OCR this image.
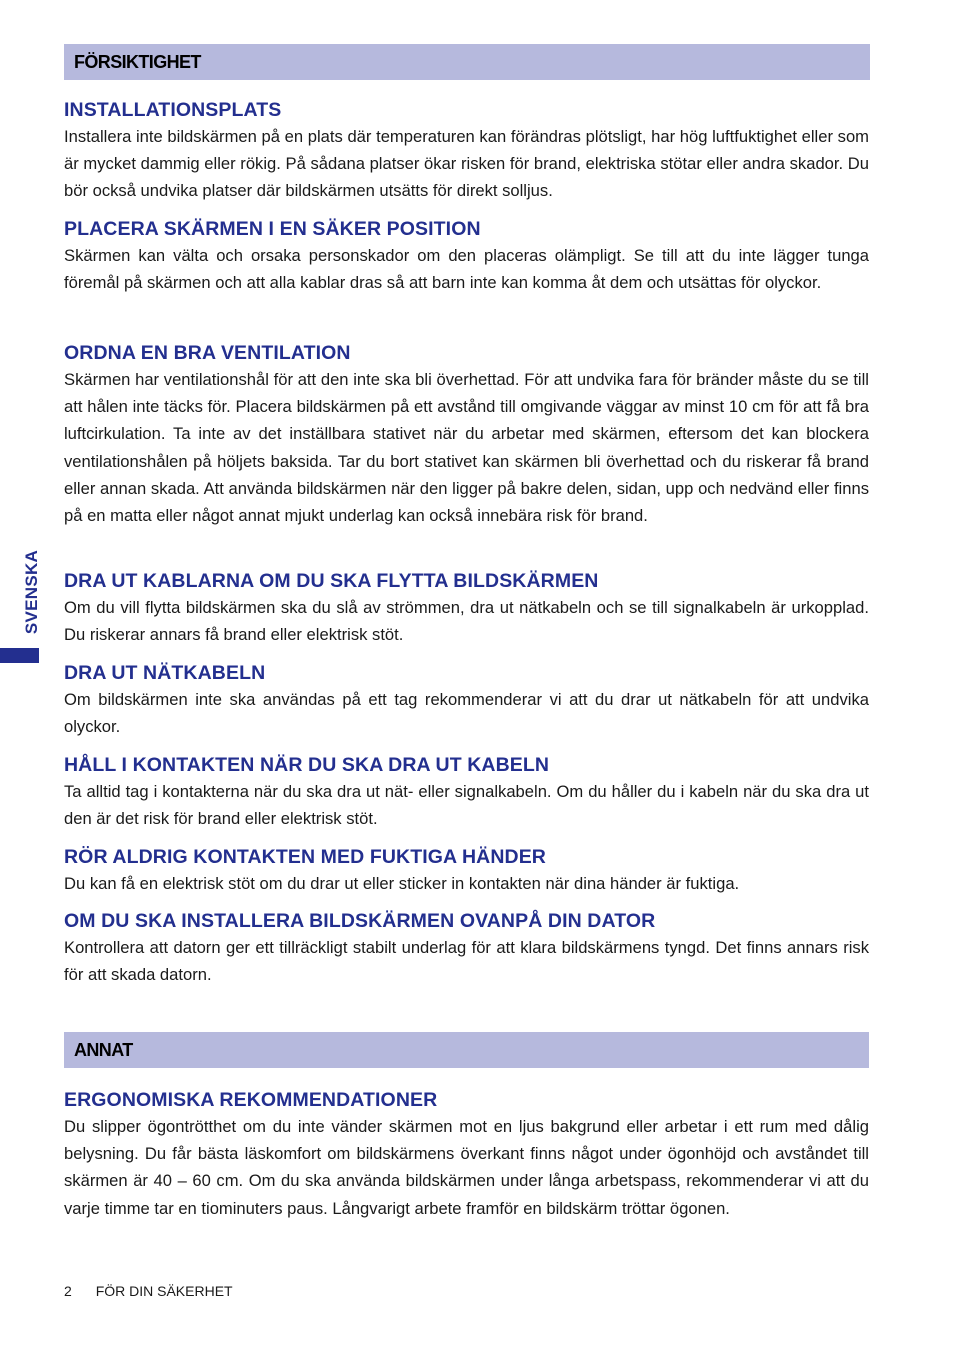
FÖRSIKTIGHET
INSTALLATIONSPLATS

Installera inte bildskärmen på en plats där temperaturen kan förändras plötsligt, har hög luftfuktighet eller som är mycket dammig eller rökig. På sådana platser ökar risken för brand, elektriska stötar eller andra skador. Du bör också undvika platser där bildskärmen utsätts för direkt solljus.

PLACERA SKÄRMEN I EN SÄKER POSITION

Skärmen kan välta och orsaka personskador om den placeras olämpligt. Se till att du inte lägger tunga föremål på skärmen och att alla kablar dras så att barn inte kan komma åt dem och utsättas för olyckor.

ORDNA EN BRA VENTILATION

Skärmen har ventilationshål för att den inte ska bli överhettad. För att undvika fara för bränder måste du se till att hålen inte täcks för. Placera bildskärmen på ett avstånd till omgivande väggar av minst 10 cm för att få bra luftcirkulation. Ta inte av det inställbara stativet när du arbetar med skärmen, eftersom det kan blockera ventilationshålen på höljets baksida. Tar du bort stativet kan skärmen bli överhettad och du riskerar få brand eller annan skada. Att använda bildskärmen när den ligger på bakre delen, sidan, upp och nedvänd eller finns på en matta eller något annat mjukt underlag kan också innebära risk för brand.

DRA UT KABLARNA OM DU SKA FLYTTA BILDSKÄRMEN

Om du vill flytta bildskärmen ska du slå av strömmen, dra ut nätkabeln och se till signalkabeln är urkopplad. Du riskerar annars få brand eller elektrisk stöt.

DRA UT NÄTKABELN

Om bildskärmen inte ska användas på ett tag rekommenderar vi att du drar ut nätkabeln för att undvika olyckor.

HÅLL I KONTAKTEN NÄR DU SKA DRA UT KABELN

Ta alltid tag i kontakterna när du ska dra ut nät- eller signalkabeln. Om du håller du i kabeln när du ska dra ut den är det risk för brand eller elektrisk stöt.

RÖR ALDRIG KONTAKTEN MED FUKTIGA HÄNDER

Du kan få en elektrisk stöt om du drar ut eller sticker in kontakten när dina händer är fuktiga.

OM DU SKA INSTALLERA BILDSKÄRMEN OVANPÅ DIN DATOR

Kontrollera att datorn ger ett tillräckligt stabilt underlag för att klara bildskärmens tyngd. Det finns annars risk för att skada datorn.

ANNAT
ERGONOMISKA REKOMMENDATIONER

Du slipper ögontrötthet om du inte vänder skärmen mot en ljus bakgrund eller arbetar i ett rum med dålig belysning. Du får bästa läskomfort om bildskärmens överkant finns något under ögonhöjd och avståndet till skärmen är 40 – 60 cm. Om du ska använda bildskärmen under långa arbetspass, rekommenderar vi att du varje timme tar en tiominuters paus. Långvarigt arbete framför en bildskärm tröttar ögonen.

SVENSKA
2 FÖR DIN SÄKERHET
